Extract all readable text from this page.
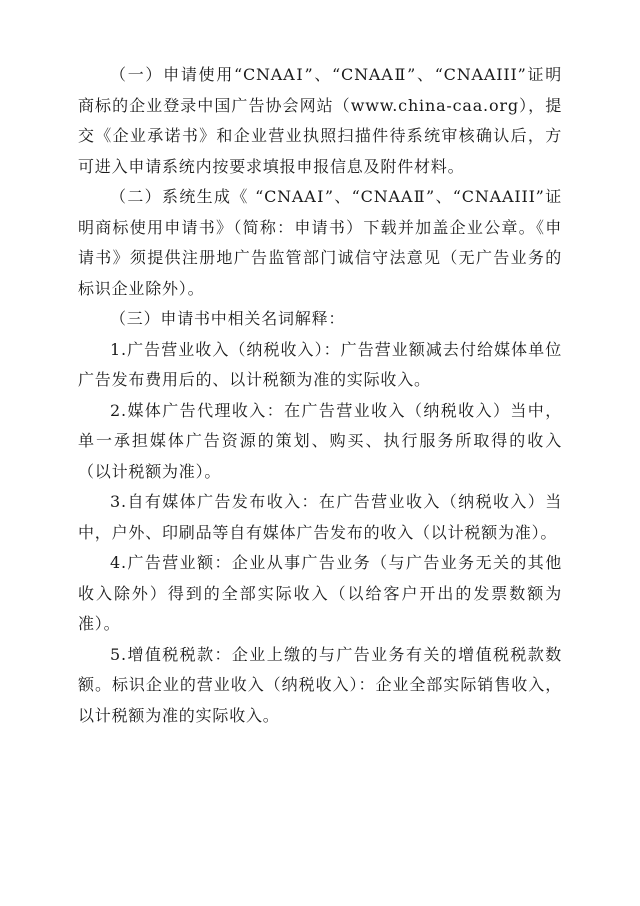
（一）申请使用“CNAAⅠ”、“CNAAⅡ”、“CNAAIII”证明商标的企业登录中国广告协会网站（www.china-caa.org），提交《企业承诺书》和企业营业执照扫描件待系统审核确认后，方可进入申请系统内按要求填报申报信息及附件材料。

（二）系统生成《 “CNAAⅠ”、“CNAAⅡ”、“CNAAIII”证明商标使用申请书》（简称：申请书）下载并加盖企业公章。《申请书》须提供注册地广告监管部门诚信守法意见（无广告业务的标识企业除外）。

（三）申请书中相关名词解释：

1.广告营业收入（纳税收入）：广告营业额减去付给媒体单位广告发布费用后的、以计税额为准的实际收入。

2.媒体广告代理收入：在广告营业收入（纳税收入）当中，单一承担媒体广告资源的策划、购买、执行服务所取得的收入（以计税额为准）。

3.自有媒体广告发布收入：在广告营业收入（纳税收入）当中，户外、印刷品等自有媒体广告发布的收入（以计税额为准）。

4.广告营业额：企业从事广告业务（与广告业务无关的其他收入除外）得到的全部实际收入（以给客户开出的发票数额为准）。

5.增值税税款：企业上缴的与广告业务有关的增值税税款数额。标识企业的营业收入（纳税收入）：企业全部实际销售收入，以计税额为准的实际收入。
